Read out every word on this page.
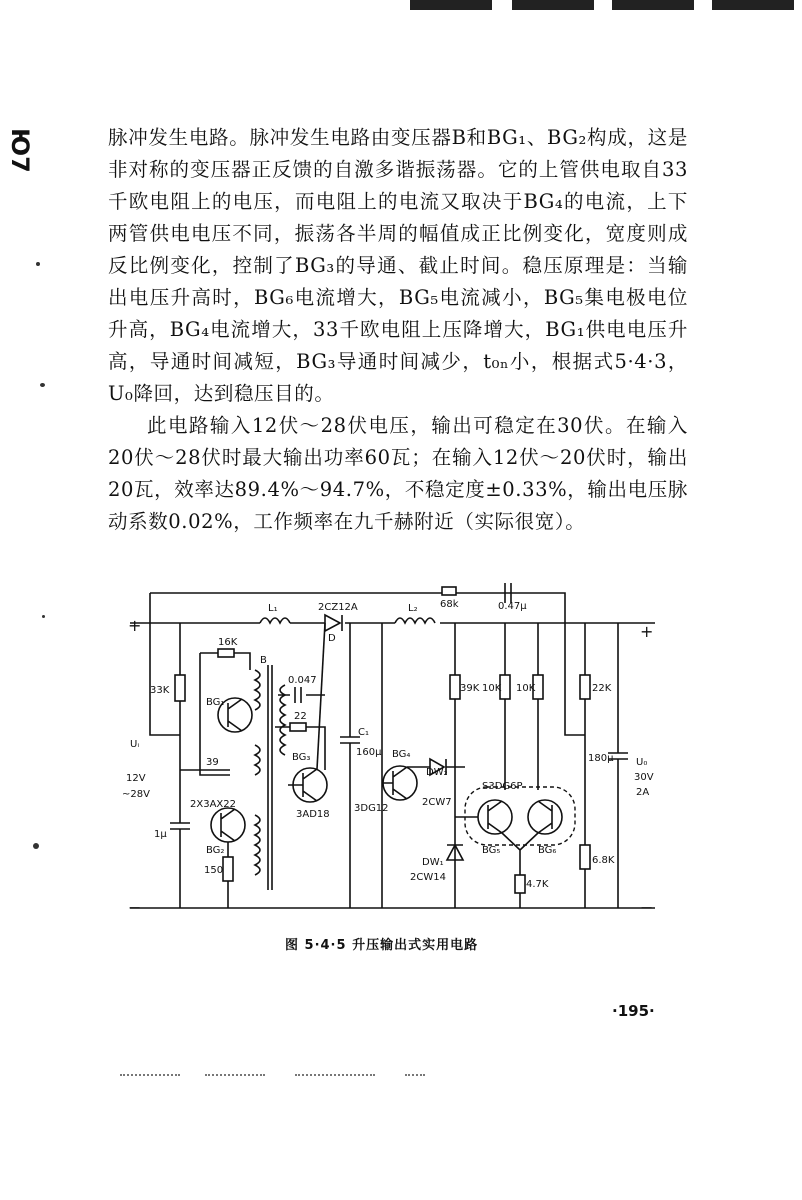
Ю7	脉冲发生电路。脉冲发生电路由变压器B和BG₁、BG₂构成，这是非对称的变压器正反馈的自激多谐振荡器。它的上管供电取自33千欧电阻上的电压，而电阻上的电流又取决于BG₄的电流，上下两管供电电压不同，振荡各半周的幅值成正比例变化，宽度则成反比例变化，控制了BG₃的导通、截止时间。稳压原理是：当输出电压升高时，BG₆电流增大，BG₅电流减小，BG₅集电极电位升高，BG₄电流增大，33千欧电阻上压降增大，BG₁供电电压升高，导通时间减短，BG₃导通时间减少，t₀ₙ小，根据式5·4·3，U₀降回，达到稳压目的。

此电路输入12伏～28伏电压，输出可稳定在30伏。在输入20伏～28伏时最大输出功率60瓦；在输入12伏～20伏时，输出20瓦，效率达89.4%～94.7%，不稳定度±0.33%，输出电压脉动系数0.02%，工作频率在九千赫附近（实际很宽）。

+	+
L₁	2CZ12A
D
L₂ 68k	0.47μ
16K
B
33K
0.047
22
BG₁
BG₃
Uᵢ
39
12V
~28V
2X3AX22
BG₂
1μ
150
3AD18
C₁
160μ BG₄
3DG12
39K 10K 10K	22K
DW₂
2CW7
S3DG6P
180μ U₀
30V
2A
BG₅	BG₆
DW₁
2CW14
4.7K
6.8K
−	−
图 5·4·5 升压输出式实用电路
·195·
